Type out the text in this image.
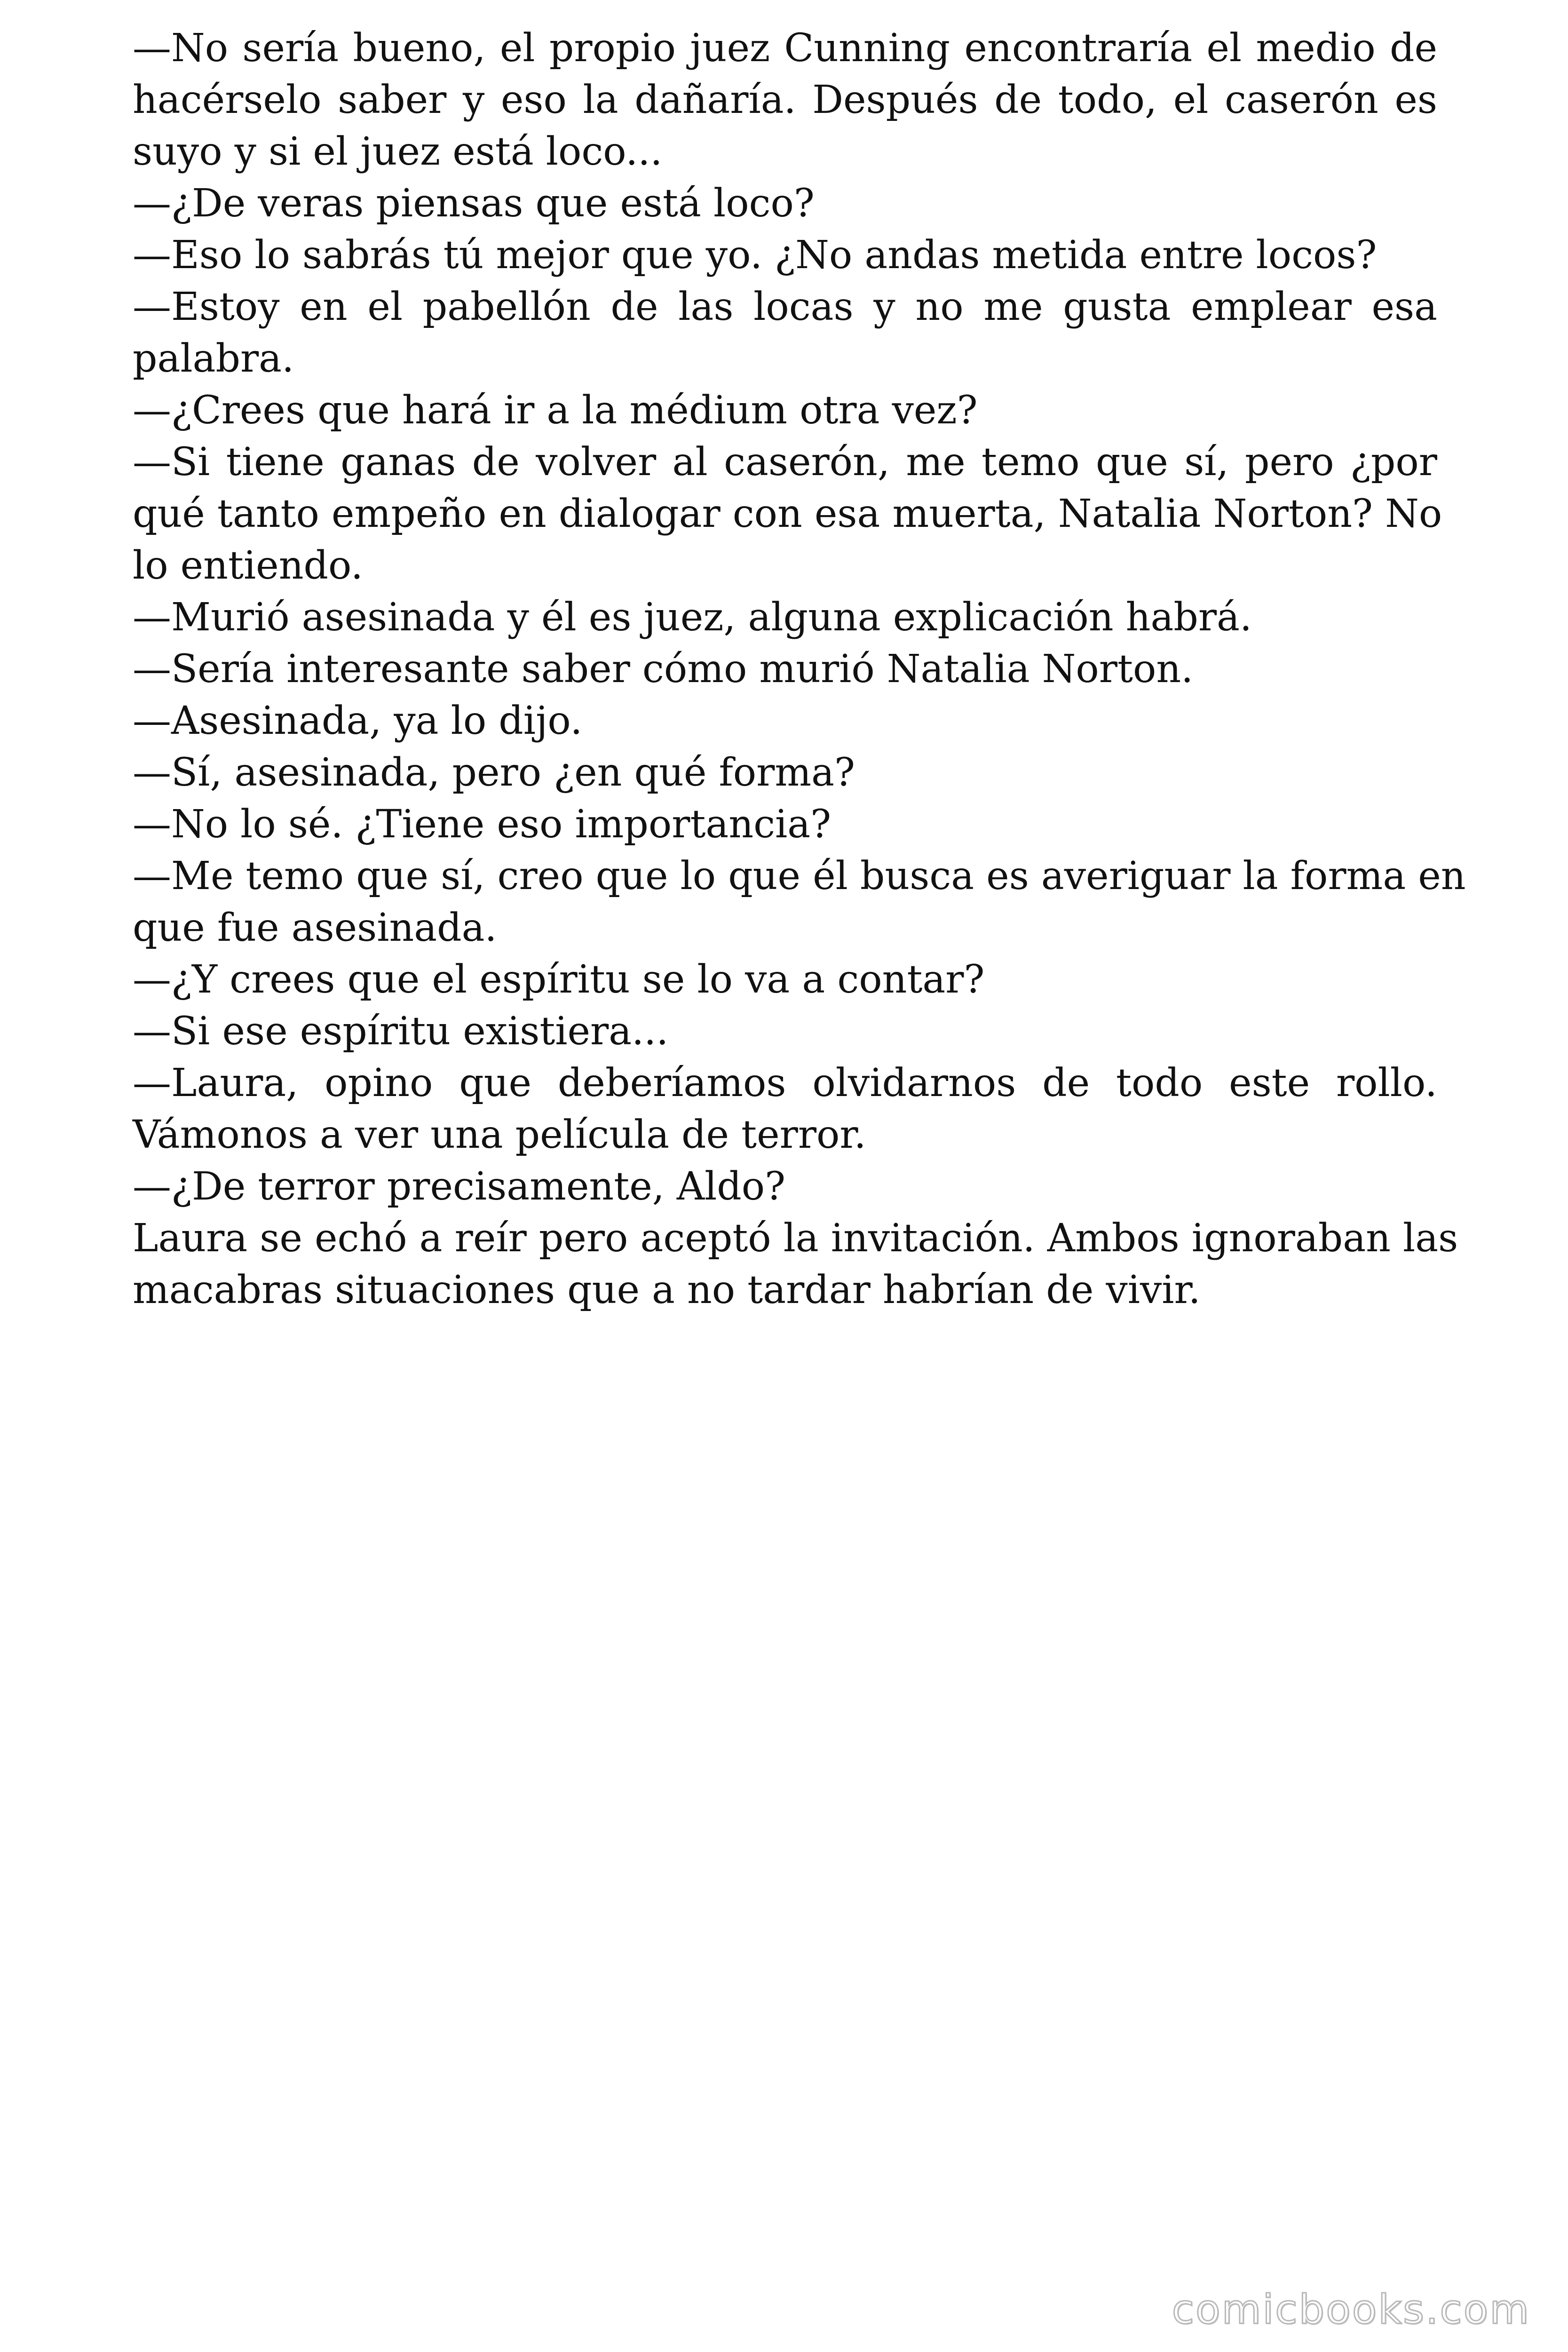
—No sería bueno, el propio juez Cunning encontraría el medio de
hacérselo saber y eso la dañaría. Después de todo, el caserón es
suyo y si el juez está loco...
—¿De veras piensas que está loco?
—Eso lo sabrás tú mejor que yo. ¿No andas metida entre locos?
—Estoy en el pabellón de las locas y no me gusta emplear esa
palabra.
—¿Crees que hará ir a la médium otra vez?
—Si tiene ganas de volver al caserón, me temo que sí, pero ¿por
qué tanto empeño en dialogar con esa muerta, Natalia Norton? No
lo entiendo.
—Murió asesinada y él es juez, alguna explicación habrá.
—Sería interesante saber cómo murió Natalia Norton.
—Asesinada, ya lo dijo.
—Sí, asesinada, pero ¿en qué forma?
—No lo sé. ¿Tiene eso importancia?
—Me temo que sí, creo que lo que él busca es averiguar la forma en
que fue asesinada.
—¿Y crees que el espíritu se lo va a contar?
—Si ese espíritu existiera...
—Laura, opino que deberíamos olvidarnos de todo este rollo.
Vámonos a ver una película de terror.
—¿De terror precisamente, Aldo?
Laura se echó a reír pero aceptó la invitación. Ambos ignoraban las
macabras situaciones que a no tardar habrían de vivir.
comicbooks.com
